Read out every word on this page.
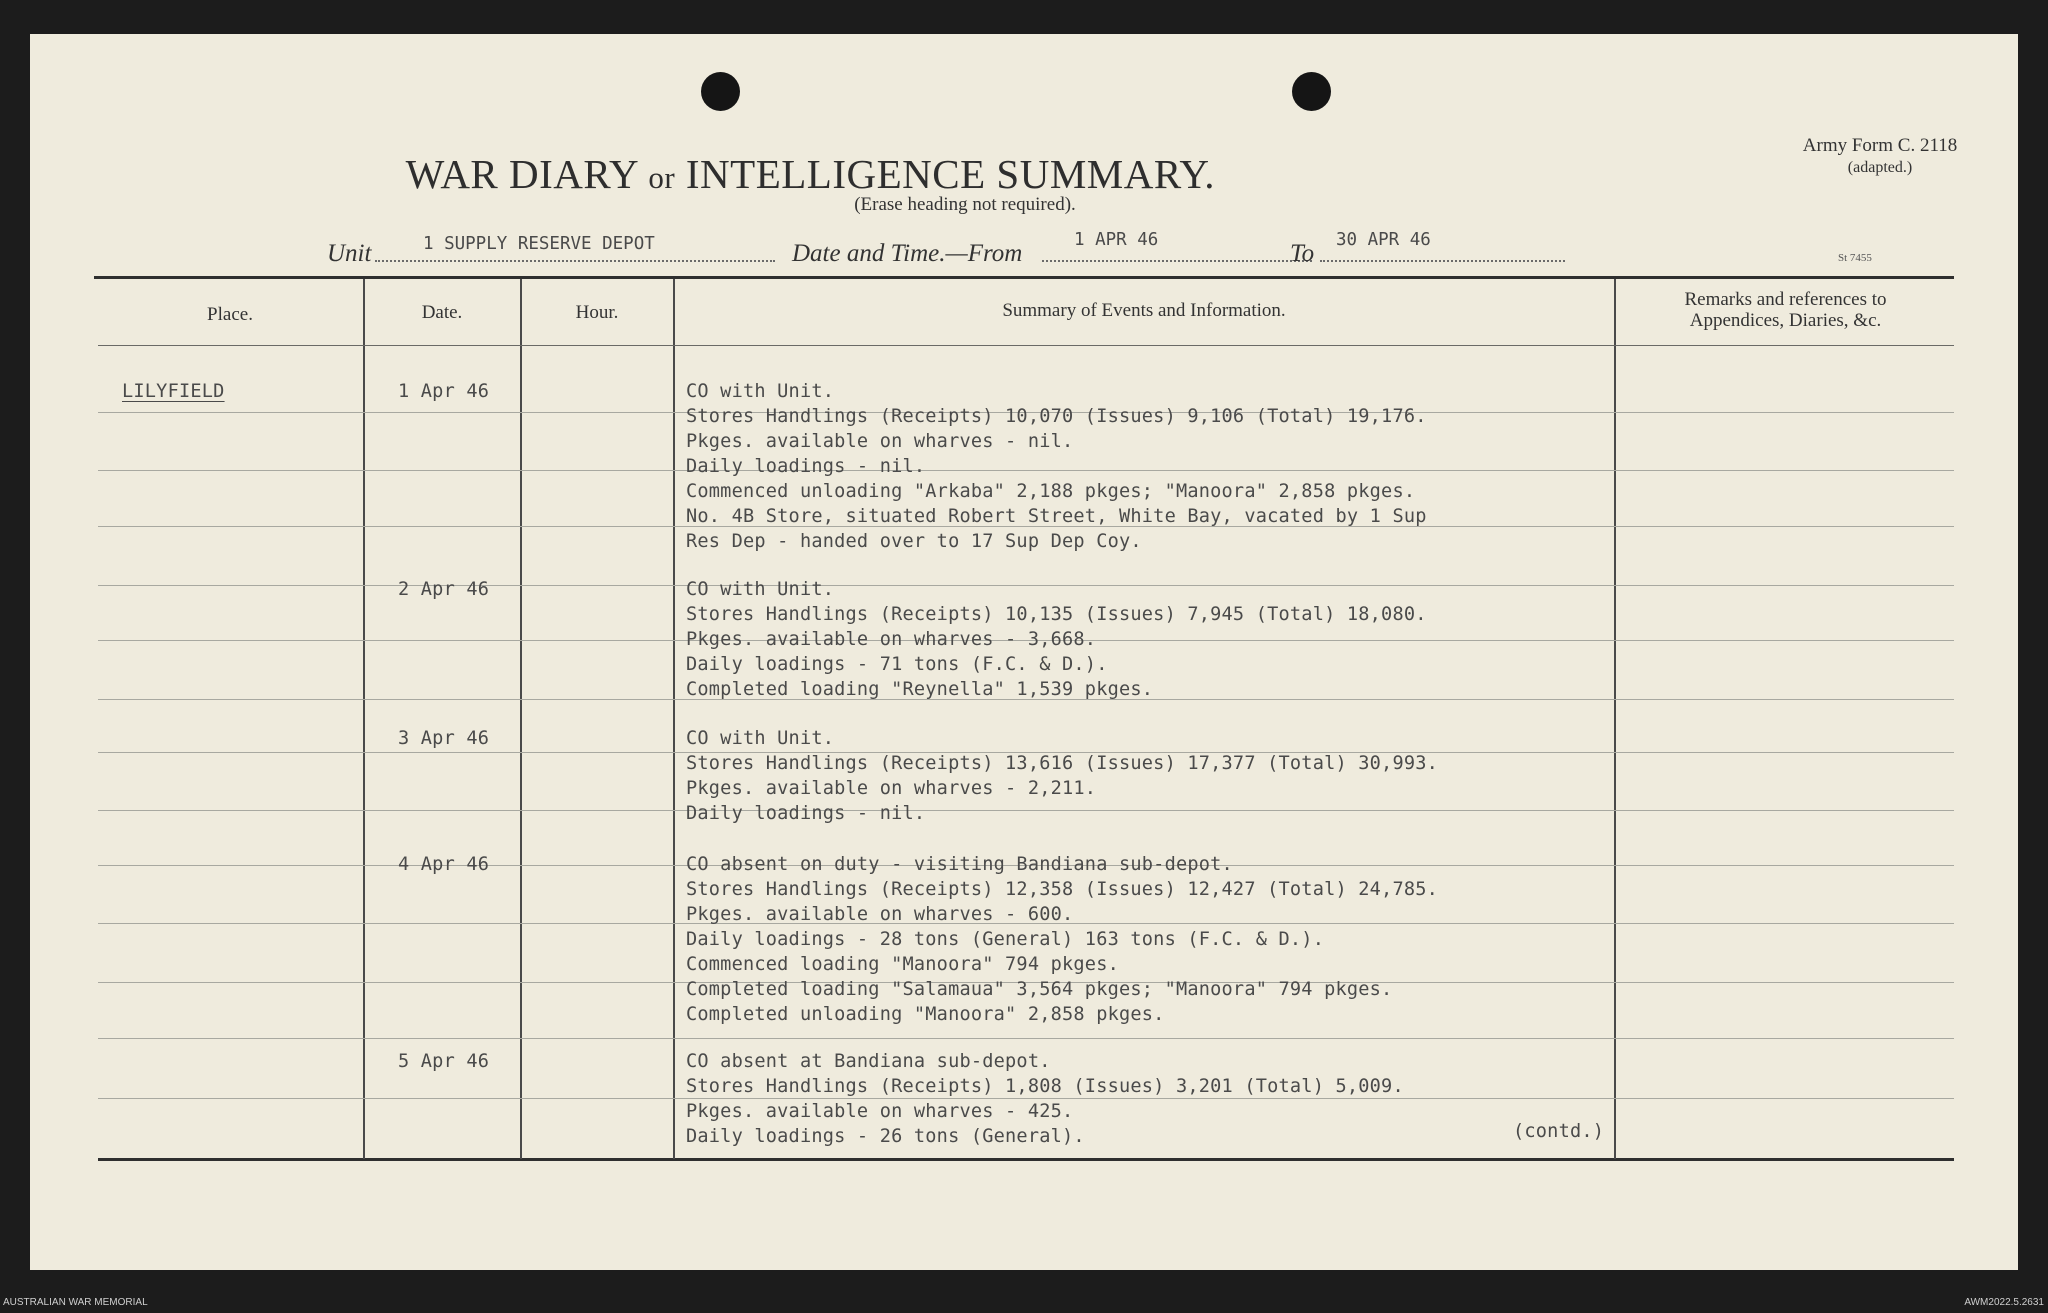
WAR DIARY or INTELLIGENCE SUMMARY.
(Erase heading not required).
Army Form C. 2118
(adapted.)
St 7455
Unit	1 SUPPLY RESERVE DEPOT	Date and Time.—From	1 APR 46	To 30 APR 46
Place.	Date.	Hour.	Summary of Events and Information.
Remarks and references to
Appendices, Diaries, &c.
LILYFIELD	1 Apr 46	CO with Unit.
Stores Handlings (Receipts) 10,070 (Issues) 9,106 (Total) 19,176.
Pkges. available on wharves - nil.
Daily loadings - nil.
Commenced unloading "Arkaba" 2,188 pkges; "Manoora" 2,858 pkges.
No. 4B Store, situated Robert Street, White Bay, vacated by 1 Sup
Res Dep - handed over to 17 Sup Dep Coy.
2 Apr 46	CO with Unit.
Stores Handlings (Receipts) 10,135 (Issues) 7,945 (Total) 18,080.
Pkges. available on wharves - 3,668.
Daily loadings - 71 tons (F.C. & D.).
Completed loading "Reynella" 1,539 pkges.
3 Apr 46	CO with Unit.
Stores Handlings (Receipts) 13,616 (Issues) 17,377 (Total) 30,993.
Pkges. available on wharves - 2,211.
Daily loadings - nil.
4 Apr 46	CO absent on duty - visiting Bandiana sub-depot.
Stores Handlings (Receipts) 12,358 (Issues) 12,427 (Total) 24,785.
Pkges. available on wharves - 600.
Daily loadings - 28 tons (General) 163 tons (F.C. & D.).
Commenced loading "Manoora" 794 pkges.
Completed loading "Salamaua" 3,564 pkges; "Manoora" 794 pkges.
Completed unloading "Manoora" 2,858 pkges.
5 Apr 46	CO absent at Bandiana sub-depot.
Stores Handlings (Receipts) 1,808 (Issues) 3,201 (Total) 5,009.
Pkges. available on wharves - 425.
Daily loadings - 26 tons (General).	(contd.)
AUSTRALIAN WAR MEMORIAL	AWM2022.5.2631
